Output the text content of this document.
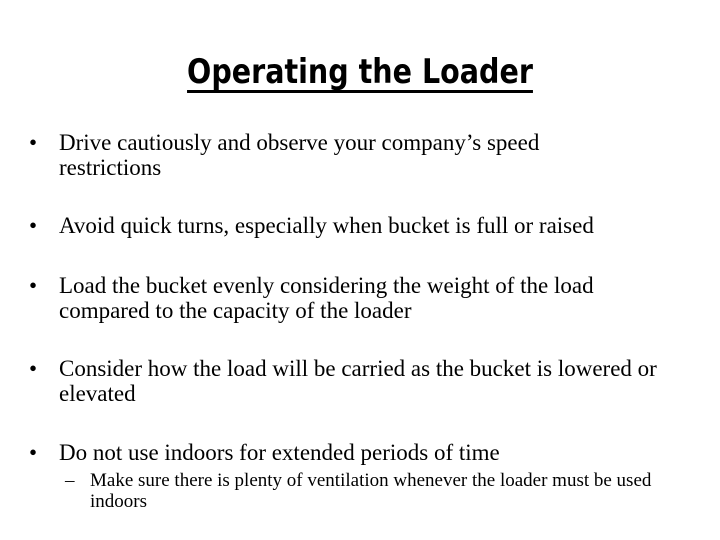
Operating the Loader
• Drive cautiously and observe your company’s speed restrictions
• Avoid quick turns, especially when bucket is full or raised
• Load the bucket evenly considering the weight of the load compared to the capacity of the loader
• Consider how the load will be carried as the bucket is lowered or elevated
• Do not use indoors for extended periods of time
– Make sure there is plenty of ventilation whenever the loader must be used indoors
